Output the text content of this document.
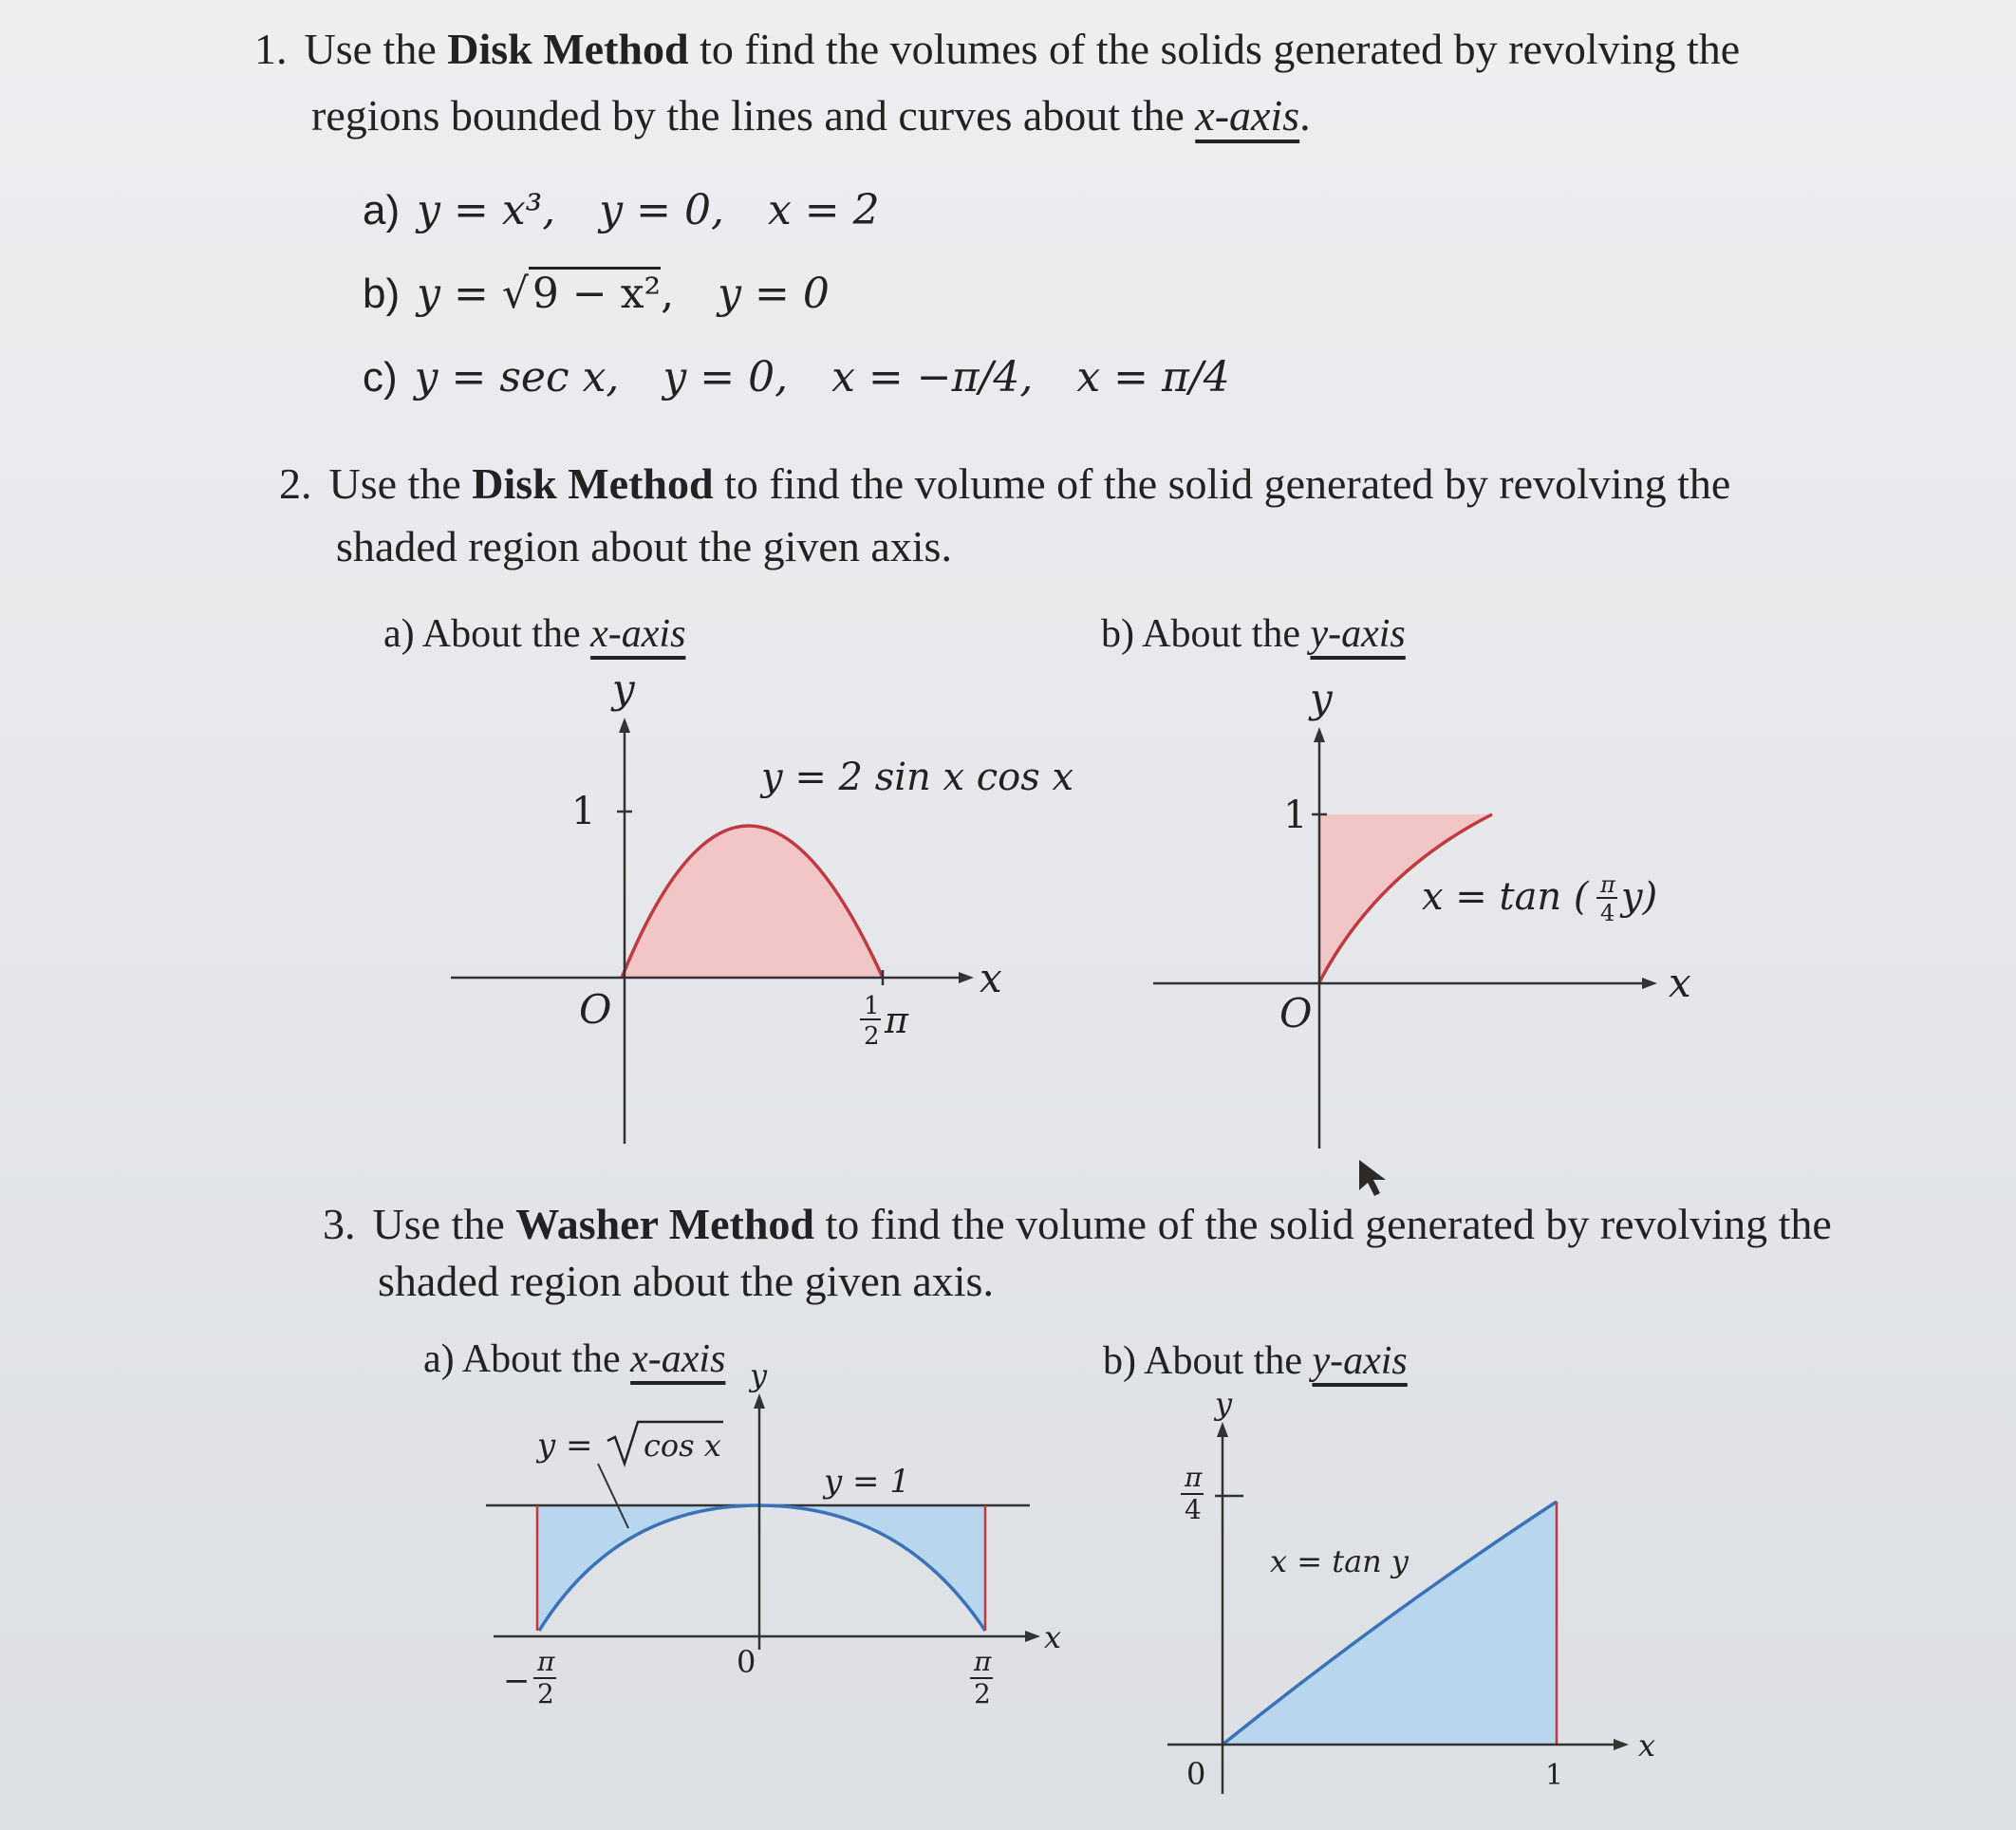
1. Use the Disk Method to find the volumes of the solids generated by revolving the
regions bounded by the lines and curves about the x-axis.
a) y = x³, y = 0, x = 2
b) y = √9 − x², y = 0
c) y = sec x, y = 0, x = −π/4, x = π/4
2. Use the Disk Method to find the volume of the solid generated by revolving the
shaded region about the given axis.
a) About the x-axis	b) About the y-axis
y
x
O
1
1
2 π
y = 2 sin x cos x
y
x
O
1
x = tan ( π
4 y)
3. Use the Washer Method to find the volume of the solid generated by revolving the
shaded region about the given axis.
a) About the x-axis	b) About the y-axis
y
x
0
y = cos x
y = 1
−
π
2
π
2
y
x
0	1
π
4
x = tan y
